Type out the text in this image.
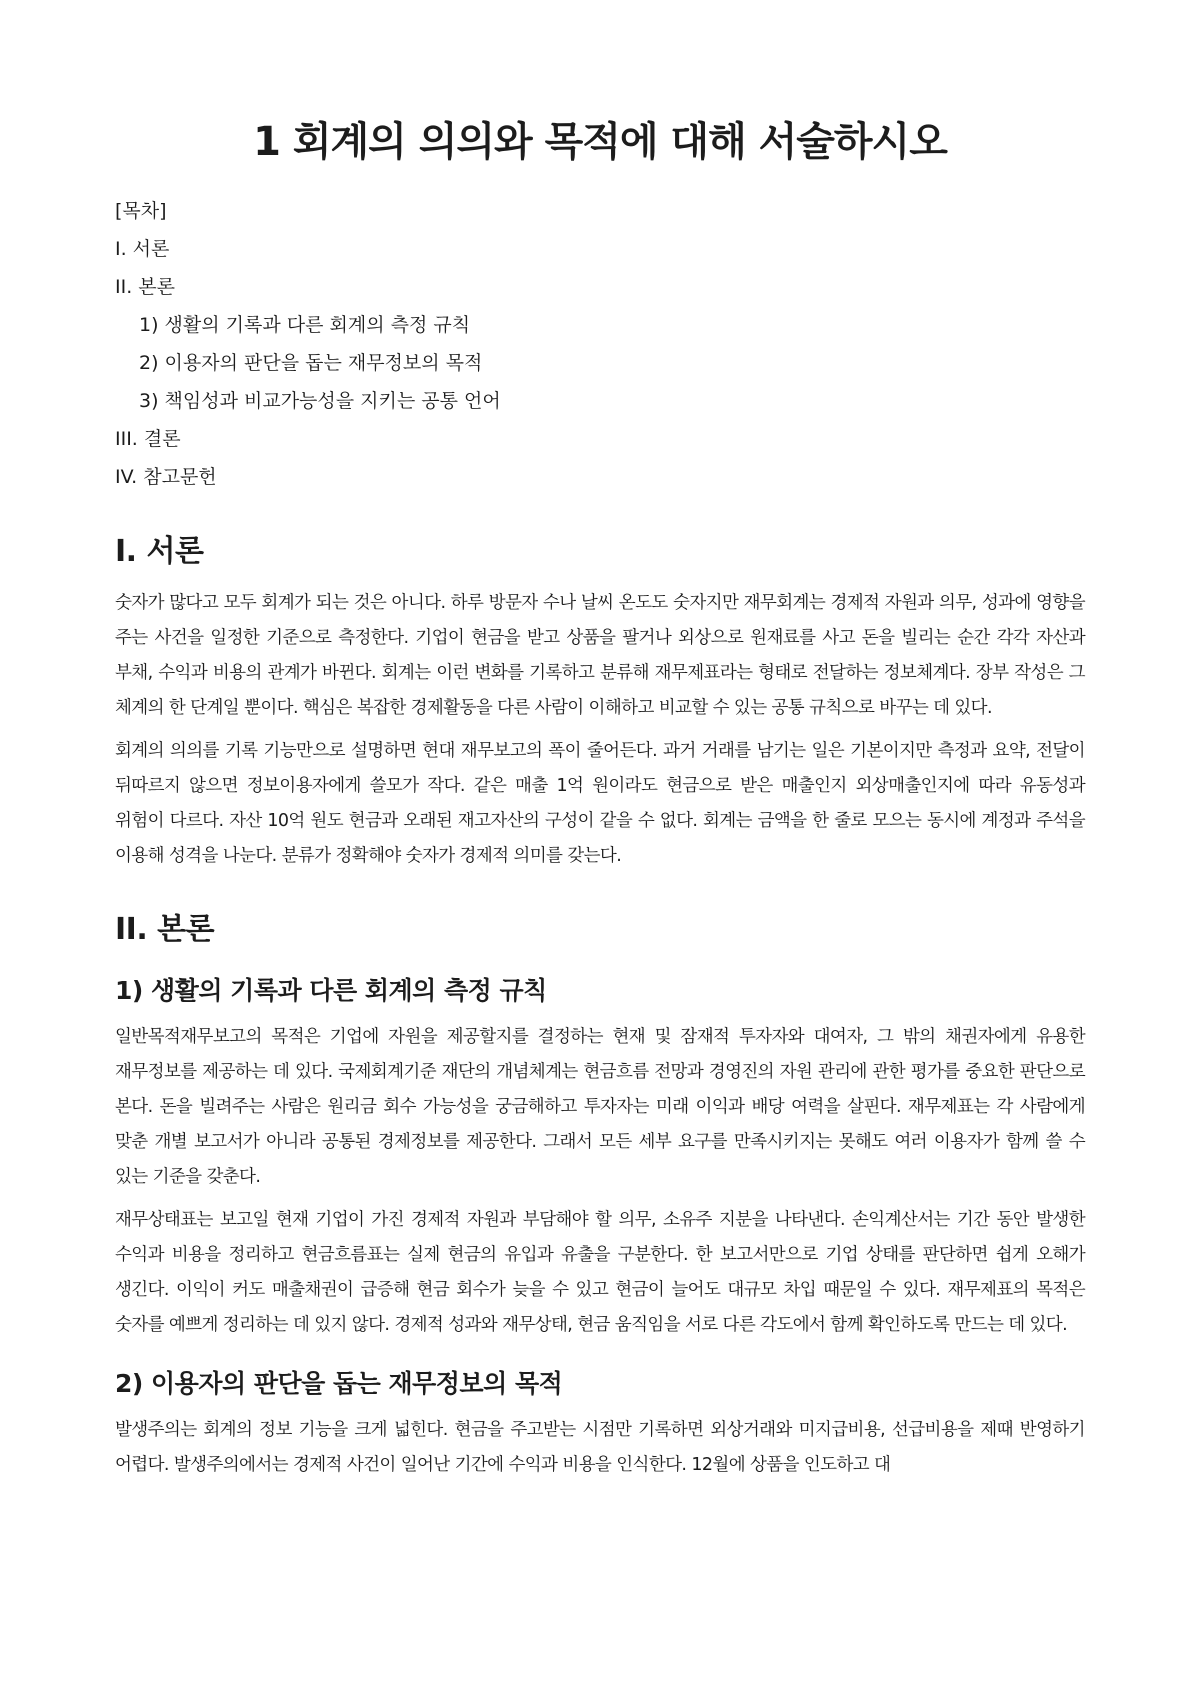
1 회계의 의의와 목적에 대해 서술하시오
[목차]
I. 서론
II. 본론
1) 생활의 기록과 다른 회계의 측정 규칙
2) 이용자의 판단을 돕는 재무정보의 목적
3) 책임성과 비교가능성을 지키는 공통 언어
III. 결론
IV. 참고문헌
I. 서론

숫자가 많다고 모두 회계가 되는 것은 아니다. 하루 방문자 수나 날씨 온도도 숫자지만 재무회계는 경제적 자원과 의무, 성과에 영향을 주는 사건을 일정한 기준으로 측정한다. 기업이 현금을 받고 상품을 팔거나 외상으로 원재료를 사고 돈을 빌리는 순간 각각 자산과 부채, 수익과 비용의 관계가 바뀐다. 회계는 이런 변화를 기록하고 분류해 재무제표라는 형태로 전달하는 정보체계다. 장부 작성은 그 체계의 한 단계일 뿐이다. 핵심은 복잡한 경제활동을 다른 사람이 이해하고 비교할 수 있는 공통 규칙으로 바꾸는 데 있다.

회계의 의의를 기록 기능만으로 설명하면 현대 재무보고의 폭이 줄어든다. 과거 거래를 남기는 일은 기본이지만 측정과 요약, 전달이 뒤따르지 않으면 정보이용자에게 쓸모가 작다. 같은 매출 1억 원이라도 현금으로 받은 매출인지 외상매출인지에 따라 유동성과 위험이 다르다. 자산 10억 원도 현금과 오래된 재고자산의 구성이 같을 수 없다. 회계는 금액을 한 줄로 모으는 동시에 계정과 주석을 이용해 성격을 나눈다. 분류가 정확해야 숫자가 경제적 의미를 갖는다.

II. 본론
1) 생활의 기록과 다른 회계의 측정 규칙

일반목적재무보고의 목적은 기업에 자원을 제공할지를 결정하는 현재 및 잠재적 투자자와 대여자, 그 밖의 채권자에게 유용한 재무정보를 제공하는 데 있다. 국제회계기준 재단의 개념체계는 현금흐름 전망과 경영진의 자원 관리에 관한 평가를 중요한 판단으로 본다. 돈을 빌려주는 사람은 원리금 회수 가능성을 궁금해하고 투자자는 미래 이익과 배당 여력을 살핀다. 재무제표는 각 사람에게 맞춘 개별 보고서가 아니라 공통된 경제정보를 제공한다. 그래서 모든 세부 요구를 만족시키지는 못해도 여러 이용자가 함께 쓸 수 있는 기준을 갖춘다.

재무상태표는 보고일 현재 기업이 가진 경제적 자원과 부담해야 할 의무, 소유주 지분을 나타낸다. 손익계산서는 기간 동안 발생한 수익과 비용을 정리하고 현금흐름표는 실제 현금의 유입과 유출을 구분한다. 한 보고서만으로 기업 상태를 판단하면 쉽게 오해가 생긴다. 이익이 커도 매출채권이 급증해 현금 회수가 늦을 수 있고 현금이 늘어도 대규모 차입 때문일 수 있다. 재무제표의 목적은 숫자를 예쁘게 정리하는 데 있지 않다. 경제적 성과와 재무상태, 현금 움직임을 서로 다른 각도에서 함께 확인하도록 만드는 데 있다.

2) 이용자의 판단을 돕는 재무정보의 목적

발생주의는 회계의 정보 기능을 크게 넓힌다. 현금을 주고받는 시점만 기록하면 외상거래와 미지급비용, 선급비용을 제때 반영하기 어렵다. 발생주의에서는 경제적 사건이 일어난 기간에 수익과 비용을 인식한다. 12월에 상품을 인도하고 대
